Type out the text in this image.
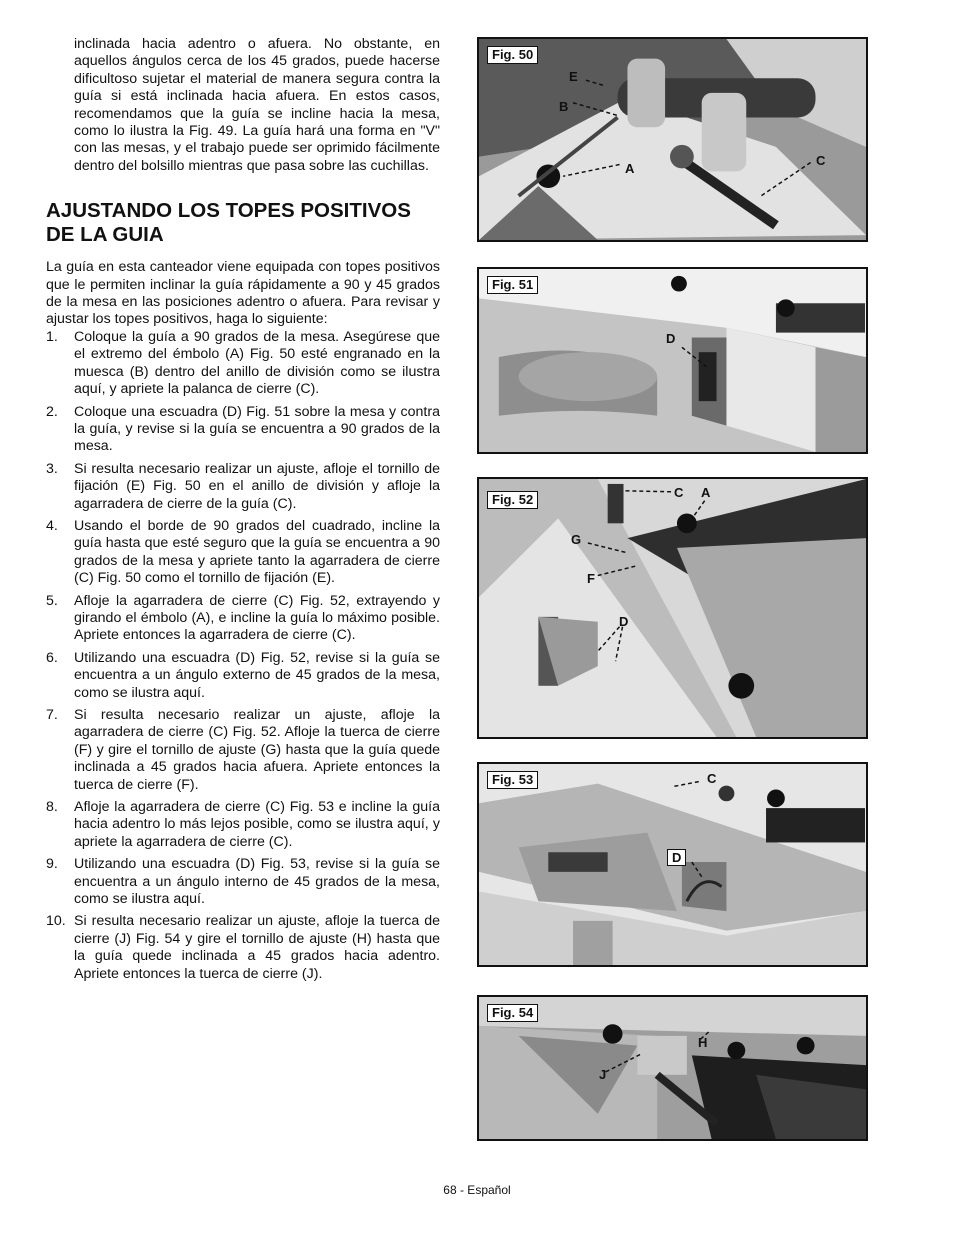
inclinada hacia adentro o afuera. No obstante, en aquellos ángulos cerca de los 45 grados, puede hacerse dificultoso sujetar el material de manera segura contra la guía si está inclinada hacia afuera. En estos casos, recomendamos que la guía se incline hacia la mesa, como lo ilustra la Fig. 49. La guía hará una forma en "V" con las mesas, y el trabajo puede ser oprimido fácilmente dentro del bolsillo mientras que pasa sobre las cuchillas.

AJUSTANDO LOS TOPES POSITIVOS DE LA GUIA

La guía en esta canteador viene equipada con topes positivos que le permiten inclinar la guía rápidamente a 90 y 45 grados de la mesa en las posiciones adentro o afuera. Para revisar y ajustar los topes positivos, haga lo siguiente:

1. Coloque la guía a 90 grados de la mesa. Asegúrese que el extremo del émbolo (A) Fig. 50 esté engranado en la muesca (B) dentro del anillo de división como se ilustra aquí, y apriete la palanca de cierre (C).
2. Coloque una escuadra (D) Fig. 51 sobre la mesa y contra la guía, y revise si la guía se encuentra a 90 grados de la mesa.
3. Si resulta necesario realizar un ajuste, afloje el tornillo de fijación (E) Fig. 50 en el anillo de división y afloje la agarradera de cierre de la guía (C).
4. Usando el borde de 90 grados del cuadrado, incline la guía hasta que esté seguro que la guía se encuentra a 90 grados de la mesa y apriete tanto la agarradera de cierre (C) Fig. 50 como el tornillo de fijación (E).
5. Afloje la agarradera de cierre (C) Fig. 52, extrayendo y girando el émbolo (A), e incline la guía lo máximo posible. Apriete entonces la agarradera de cierre (C).
6. Utilizando una escuadra (D) Fig. 52, revise si la guía se encuentra a un ángulo externo de 45 grados de la mesa, como se ilustra aquí.
7. Si resulta necesario realizar un ajuste, afloje la agarradera de cierre (C) Fig. 52. Afloje la tuerca de cierre (F) y gire el tornillo de ajuste (G) hasta que la guía quede inclinada a 45 grados hacia afuera. Apriete entonces la tuerca de cierre (F).
8. Afloje la agarradera de cierre (C) Fig. 53 e incline la guía hacia adentro lo más lejos posible, como se ilustra aquí, y apriete la agarradera de cierre (C).
9. Utilizando una escuadra (D) Fig. 53, revise si la guía se encuentra a un ángulo interno de 45 grados de la mesa, como se ilustra aquí.
10. Si resulta necesario realizar un ajuste, afloje la tuerca de cierre (J) Fig. 54 y gire el tornillo de ajuste (H) hasta que la guía quede inclinada a 45 grados hacia adentro. Apriete entonces la tuerca de cierre (J).
Fig. 50
E
B
A
C
Fig. 51
D
Fig. 52	C A
G
F
D
Fig. 53	C
D
Fig. 54
H
J
68 - Español
